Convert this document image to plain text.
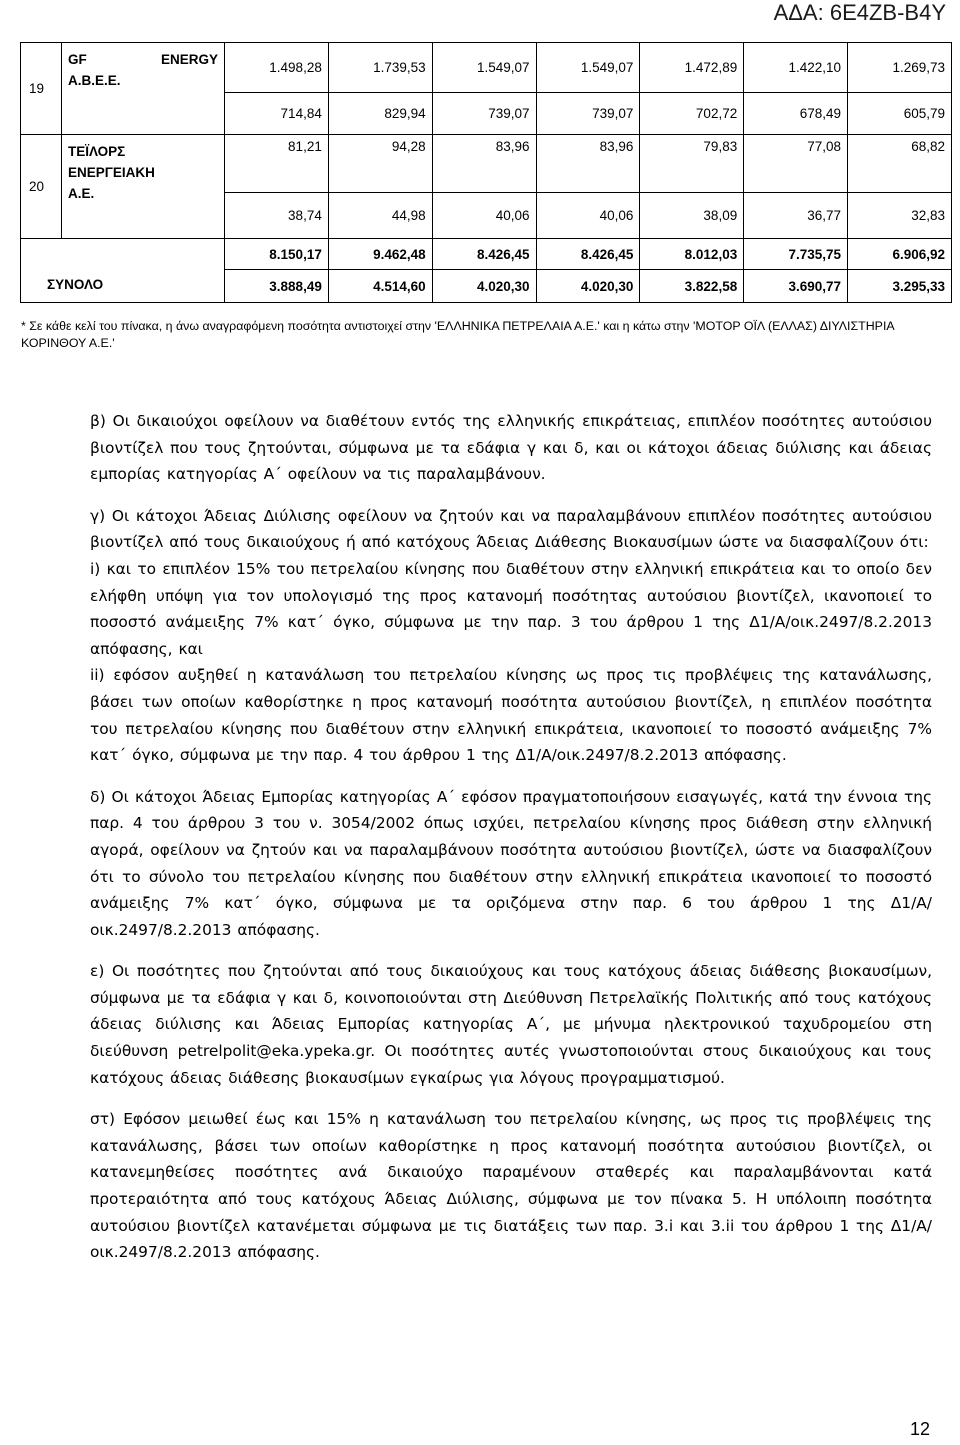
ΑΔΑ: 6Ε4ΖΒ-Β4Υ
19	GF ENERGY
Α.Β.Ε.Ε.	1.498,28	1.739,53	1.549,07	1.549,07	1.472,89	1.422,10	1.269,73
		714,84	829,94	739,07	739,07	702,72	678,49	605,79
20	ΤΕΪΛΟΡΣ
ΕΝΕΡΓΕΙΑΚΗ
Α.Ε.	81,21	94,28	83,96	83,96	79,83	77,08	68,82
		38,74	44,98	40,06	40,06	38,09	36,77	32,83
ΣΥΝΟΛΟ		8.150,17	9.462,48	8.426,45	8.426,45	8.012,03	7.735,75	6.906,92
		3.888,49	4.514,60	4.020,30	4.020,30	3.822,58	3.690,77	3.295,33
* Σε κάθε κελί του πίνακα, η άνω αναγραφόμενη ποσότητα αντιστοιχεί στην 'ΕΛΛΗΝΙΚΑ ΠΕΤΡΕΛΑΙΑ Α.Ε.' και η κάτω στην 'ΜΟΤΟΡ ΟΪΛ (ΕΛΛΑΣ) ΔΙΥΛΙΣΤΗΡΙΑ ΚΟΡΙΝΘΟΥ Α.Ε.'

β) Οι δικαιούχοι οφείλουν να διαθέτουν εντός της ελληνικής επικράτειας, επιπλέον ποσότητες αυτούσιου βιοντίζελ που τους ζητούνται, σύμφωνα με τα εδάφια γ και δ, και οι κάτοχοι άδειας διύλισης και άδειας εμπορίας κατηγορίας Α΄ οφείλουν να τις παραλαμβάνουν.

γ) Οι κάτοχοι Άδειας Διύλισης οφείλουν να ζητούν και να παραλαμβάνουν επιπλέον ποσότητες αυτούσιου βιοντίζελ από τους δικαιούχους ή από κατόχους Άδειας Διάθεσης Βιοκαυσίμων ώστε να διασφαλίζουν ότι:

i) και το επιπλέον 15% του πετρελαίου κίνησης που διαθέτουν στην ελληνική επικράτεια και το οποίο δεν ελήφθη υπόψη για τον υπολογισμό της προς κατανομή ποσότητας αυτούσιου βιοντίζελ, ικανοποιεί το ποσοστό ανάμειξης 7% κατ΄ όγκο, σύμφωνα με την παρ. 3 του άρθρου 1 της Δ1/Α/οικ.2497/8.2.2013 απόφασης, και

ii) εφόσον αυξηθεί η κατανάλωση του πετρελαίου κίνησης ως προς τις προβλέψεις της κατανάλωσης, βάσει των οποίων καθορίστηκε η προς κατανομή ποσότητα αυτούσιου βιοντίζελ, η επιπλέον ποσότητα του πετρελαίου κίνησης που διαθέτουν στην ελληνική επικράτεια, ικανοποιεί το ποσοστό ανάμειξης 7% κατ΄ όγκο, σύμφωνα με την παρ. 4 του άρθρου 1 της Δ1/Α/οικ.2497/8.2.2013 απόφασης.

δ) Οι κάτοχοι Άδειας Εμπορίας κατηγορίας Α΄ εφόσον πραγματοποιήσουν εισαγωγές, κατά την έννοια της παρ. 4 του άρθρου 3 του ν. 3054/2002 όπως ισχύει, πετρελαίου κίνησης προς διάθεση στην ελληνική αγορά, οφείλουν να ζητούν και να παραλαμβάνουν ποσότητα αυτούσιου βιοντίζελ, ώστε να διασφαλίζουν ότι το σύνολο του πετρελαίου κίνησης που διαθέτουν στην ελληνική επικράτεια ικανοποιεί το ποσοστό ανάμειξης 7% κατ΄ όγκο, σύμφωνα με τα οριζόμενα στην παρ. 6 του άρθρου 1 της Δ1/Α/οικ.2497/8.2.2013 απόφασης.

ε) Οι ποσότητες που ζητούνται από τους δικαιούχους και τους κατόχους άδειας διάθεσης βιοκαυσίμων, σύμφωνα με τα εδάφια γ και δ, κοινοποιούνται στη Διεύθυνση Πετρελαϊκής Πολιτικής από τους κατόχους άδειας διύλισης και Άδειας Εμπορίας κατηγορίας Α΄, με μήνυμα ηλεκτρονικού ταχυδρομείου στη διεύθυνση petrelpolit@eka.ypeka.gr. Οι ποσότητες αυτές γνωστοποιούνται στους δικαιούχους και τους κατόχους άδειας διάθεσης βιοκαυσίμων εγκαίρως για λόγους προγραμματισμού.

στ) Εφόσον μειωθεί έως και 15% η κατανάλωση του πετρελαίου κίνησης, ως προς τις προβλέψεις της κατανάλωσης, βάσει των οποίων καθορίστηκε η προς κατανομή ποσότητα αυτούσιου βιοντίζελ, οι κατανεμηθείσες ποσότητες ανά δικαιούχο παραμένουν σταθερές και παραλαμβάνονται κατά προτεραιότητα από τους κατόχους Άδειας Διύλισης, σύμφωνα με τον πίνακα 5. Η υπόλοιπη ποσότητα αυτούσιου βιοντίζελ κατανέμεται σύμφωνα με τις διατάξεις των παρ. 3.i και 3.ii του άρθρου 1 της Δ1/Α/οικ.2497/8.2.2013 απόφασης.

12
